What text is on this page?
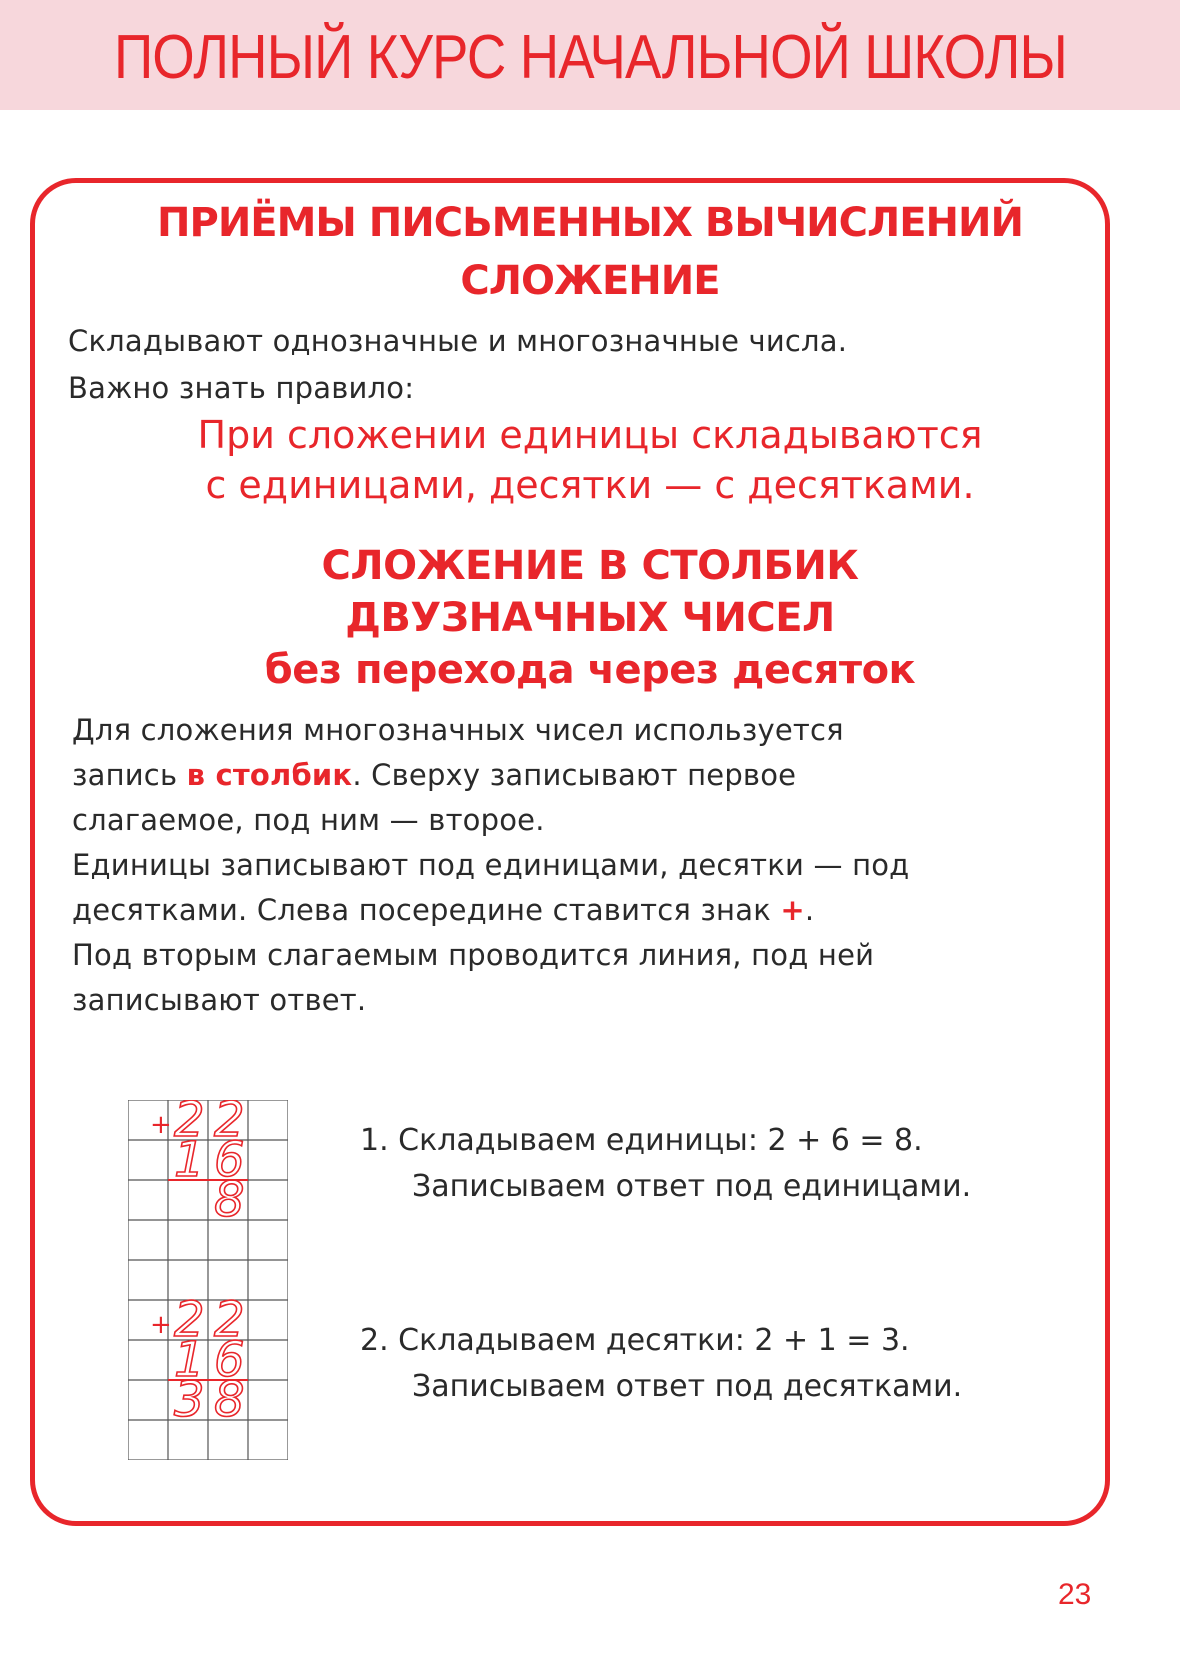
ПОЛНЫЙ КУРС НАЧАЛЬНОЙ ШКОЛЫ
ПРИЁМЫ ПИСЬМЕННЫХ ВЫЧИСЛЕНИЙ
СЛОЖЕНИЕ
Складывают однозначные и многозначные числа.
Важно знать правило:
При сложении единицы складываются
с единицами, десятки — с десятками.
СЛОЖЕНИЕ В СТОЛБИК
ДВУЗНАЧНЫХ ЧИСЕЛ
без перехода через десяток
Для сложения многозначных чисел используется
запись в столбик. Сверху записывают первое
слагаемое, под ним — второе.
Единицы записывают под единицами, десятки — под
десятками. Слева посередине ставится знак +.
Под вторым слагаемым проводится линия, под ней
записывают ответ.
+ 2 2
1 6
8
+ 2 2
1 6
3 8
1. Складываем единицы: 2 + 6 = 8.
Записываем ответ под единицами.
2. Складываем десятки: 2 + 1 = 3.
Записываем ответ под десятками.
23
